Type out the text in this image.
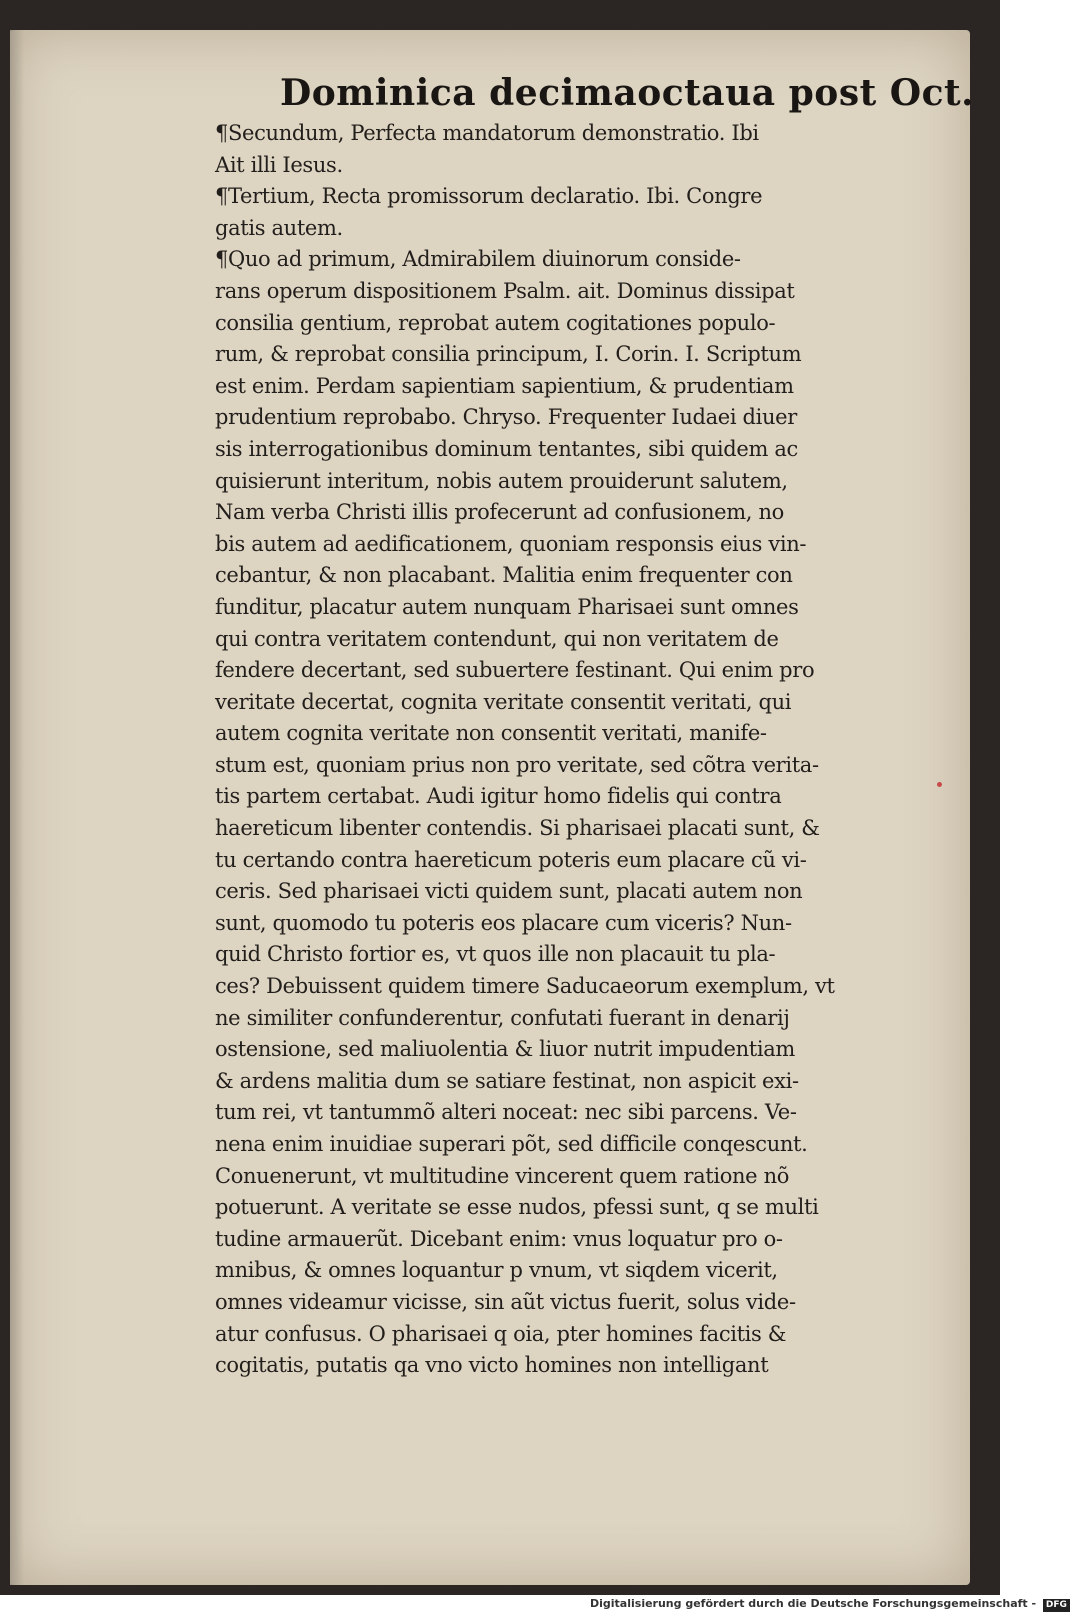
Dominica decimaoctaua post Oct.
¶Secundum, Perfecta mandatorum demonstratio. Ibi
Ait illi Iesus.
¶Tertium, Recta promissorum declaratio. Ibi. Congre
gatis autem.
¶Quo ad primum, Admirabilem diuinorum conside-
rans operum dispositionem Psalm. ait. Dominus dissipat
consilia gentium, reprobat autem cogitationes populo-
rum, & reprobat consilia principum, I. Corin. I. Scriptum
est enim. Perdam sapientiam sapientium, & prudentiam
prudentium reprobabo. Chryso. Frequenter Iudaei diuer
sis interrogationibus dominum tentantes, sibi quidem ac
quisierunt interitum, nobis autem prouiderunt salutem,
Nam verba Christi illis profecerunt ad confusionem, no
bis autem ad aedificationem, quoniam responsis eius vin-
cebantur, & non placabant. Malitia enim frequenter con
funditur, placatur autem nunquam Pharisaei sunt omnes
qui contra veritatem contendunt, qui non veritatem de
fendere decertant, sed subuertere festinant. Qui enim pro
veritate decertat, cognita veritate consentit veritati, qui
autem cognita veritate non consentit veritati, manife-
stum est, quoniam prius non pro veritate, sed cõtra verita-
tis partem certabat. Audi igitur homo fidelis qui contra
haereticum libenter contendis. Si pharisaei placati sunt, &
tu certando contra haereticum poteris eum placare cũ vi-
ceris. Sed pharisaei victi quidem sunt, placati autem non
sunt, quomodo tu poteris eos placare cum viceris? Nun-
quid Christo fortior es, vt quos ille non placauit tu pla-
ces? Debuissent quidem timere Saducaeorum exemplum, vt
ne similiter confunderentur, confutati fuerant in denarij
ostensione, sed maliuolentia & liuor nutrit impudentiam
& ardens malitia dum se satiare festinat, non aspicit exi-
tum rei, vt tantummõ alteri noceat: nec sibi parcens. Ve-
nena enim inuidiae superari põt, sed difficile conqescunt.
Conuenerunt, vt multitudine vincerent quem ratione nõ
potuerunt. A veritate se esse nudos, pfessi sunt, q se multi
tudine armauerũt. Dicebant enim: vnus loquatur pro o-
mnibus, & omnes loquantur p vnum, vt siqdem vicerit,
omnes videamur vicisse, sin aũt victus fuerit, solus vide-
atur confusus. O pharisaei q oia, pter homines facitis &
cogitatis, putatis qa vno victo homines non intelligant
Digitalisierung gefördert durch die Deutsche Forschungsgemeinschaft - DFG
